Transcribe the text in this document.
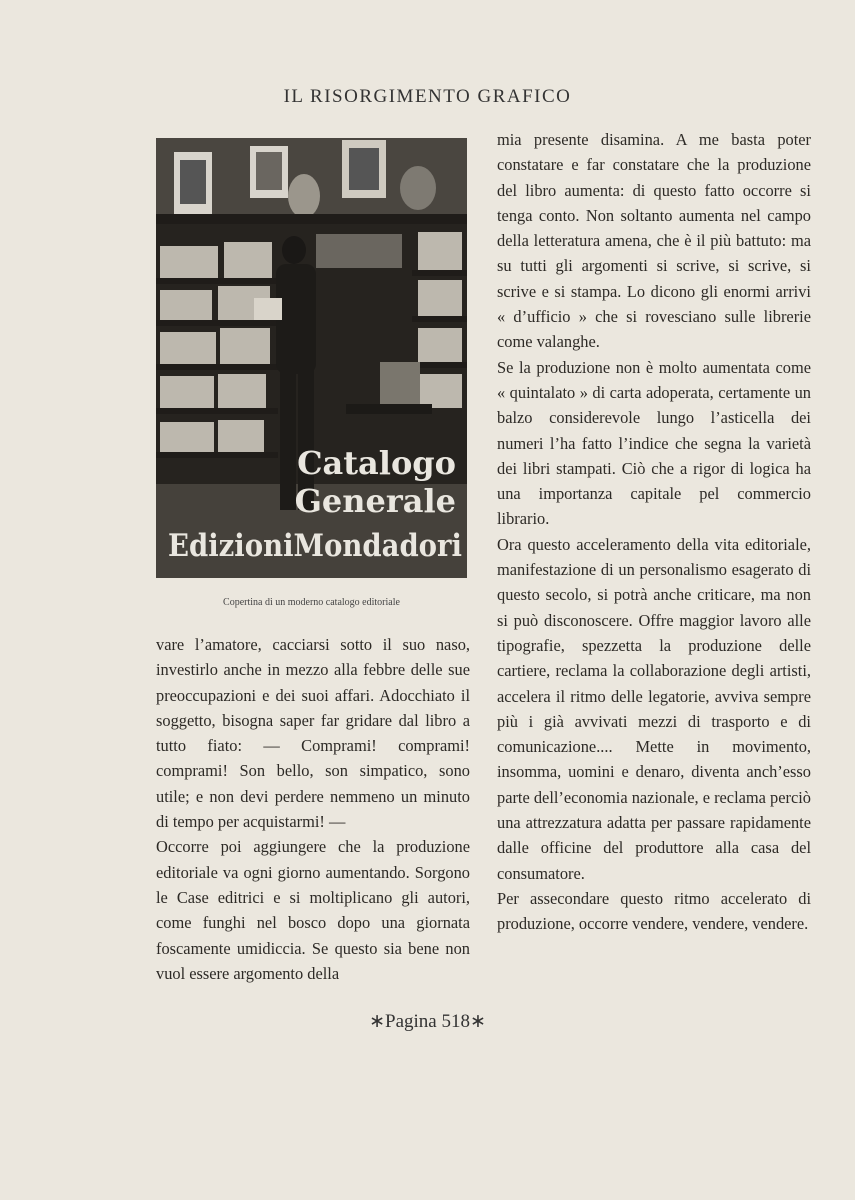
IL RISORGIMENTO GRAFICO
Catalogo
Generale
EdizioniMondadori
Copertina di un moderno catalogo editoriale

vare l’amatore, cacciarsi sotto il suo naso, investirlo anche in mezzo alla febbre delle sue preoccupazioni e dei suoi affari. Adocchiato il soggetto, bisogna saper far gridare dal libro a tutto fiato: — Comprami! comprami! comprami! Son bello, son simpatico, sono utile; e non devi perdere nemmeno un minuto di tempo per acquistarmi! —

Occorre poi aggiungere che la produzione editoriale va ogni giorno aumentando. Sorgono le Case editrici e si moltiplicano gli autori, come funghi nel bosco dopo una giornata foscamente umidiccia. Se questo sia bene non vuol essere argomento della

mia presente disamina. A me basta poter constatare e far constatare che la produzione del libro aumenta: di questo fatto occorre si tenga conto. Non soltanto aumenta nel campo della letteratura amena, che è il più battuto: ma su tutti gli argomenti si scrive, si scrive, si scrive e si stampa. Lo dicono gli enormi arrivi « d’ufficio » che si rovesciano sulle librerie come valanghe.

Se la produzione non è molto aumentata come « quintalato » di carta adoperata, certamente un balzo considerevole lungo l’asticella dei numeri l’ha fatto l’indice che segna la varietà dei libri stampati. Ciò che a rigor di logica ha una importanza capitale pel commercio librario.

Ora questo acceleramento della vita editoriale, manifestazione di un personalismo esagerato di questo secolo, si potrà anche criticare, ma non si può disconoscere. Offre maggior lavoro alle tipografie, spezzetta la produzione delle cartiere, reclama la collaborazione degli artisti, accelera il ritmo delle legatorie, avviva sempre più i già avvivati mezzi di trasporto e di comunicazione.... Mette in movimento, insomma, uomini e denaro, diventa anch’esso parte dell’economia nazionale, e reclama perciò una attrezzatura adatta per passare rapidamente dalle officine del produttore alla casa del consumatore.

Per assecondare questo ritmo accelerato di produzione, occorre vendere, vendere, vendere.

∗Pagina 518∗
